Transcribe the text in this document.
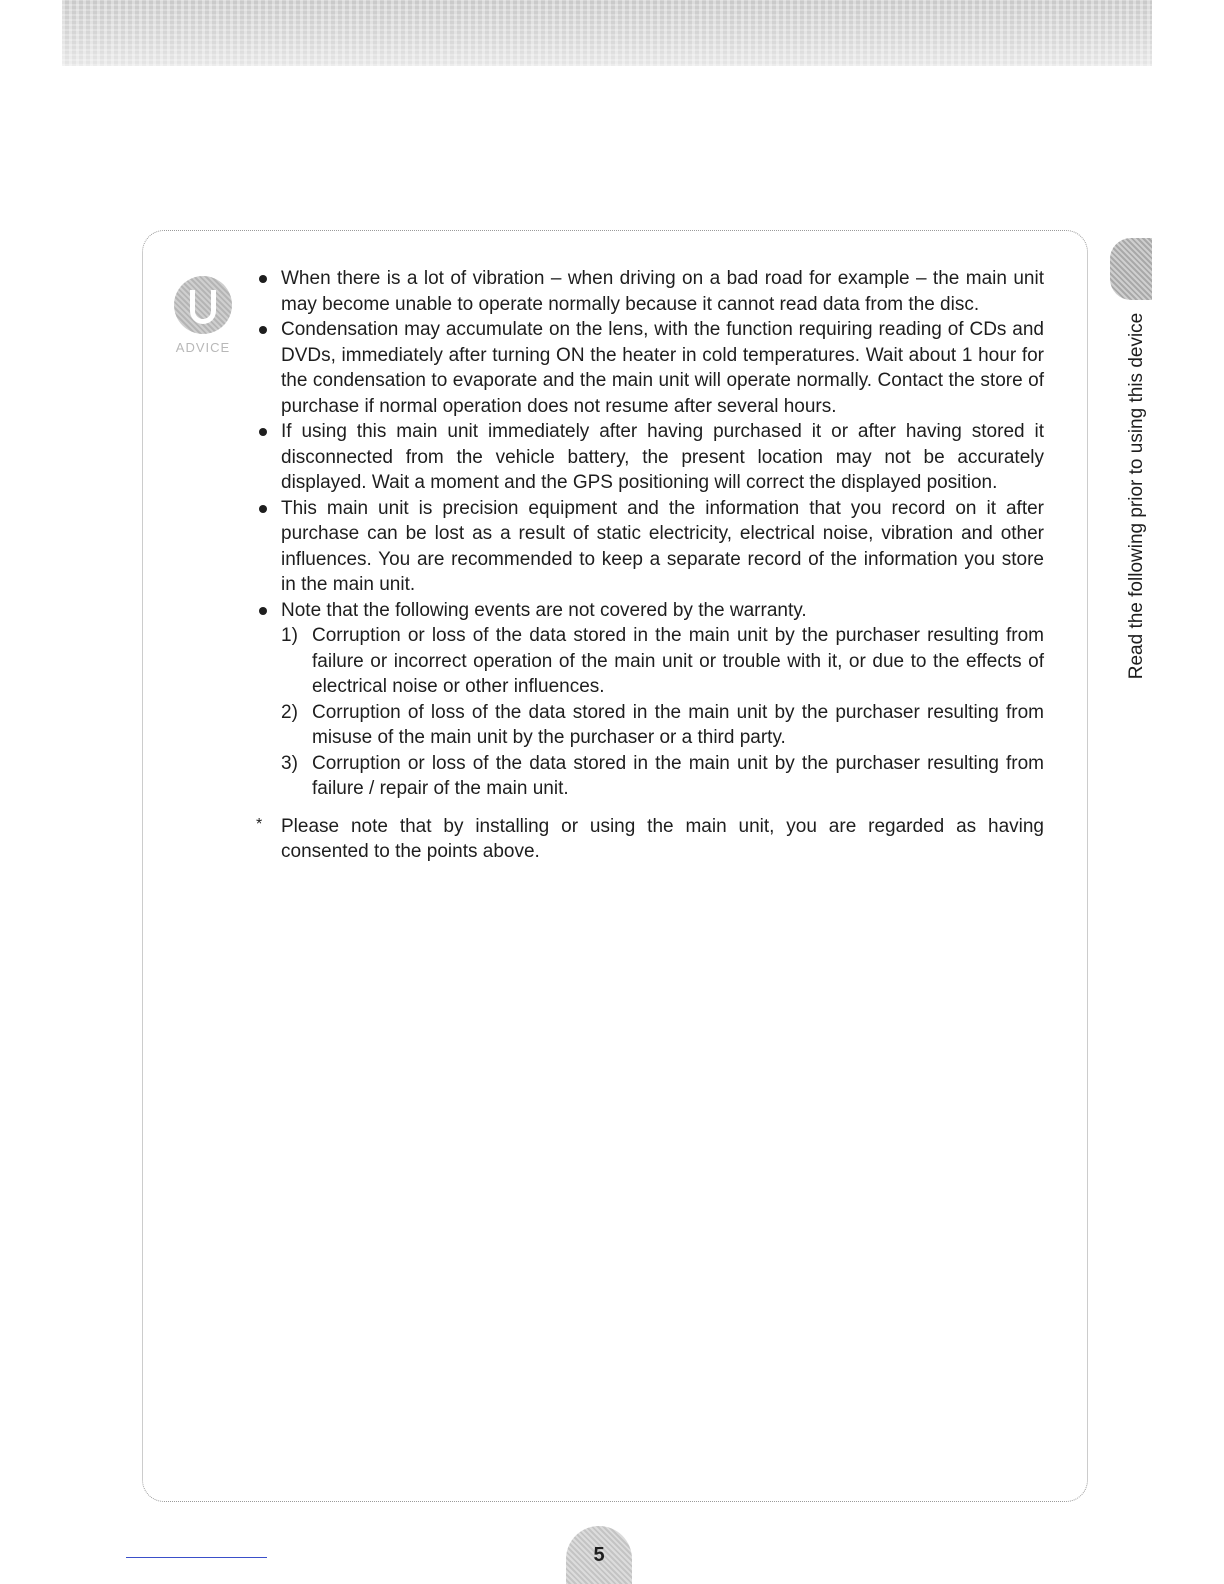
Read the following prior to using this device
ADVICE
When there is a lot of vibration – when driving on a bad road for example – the main unit may become unable to operate normally because it cannot read data from the disc.
Condensation may accumulate on the lens, with the function requiring reading of CDs and DVDs, immediately after turning ON the heater in cold temperatures. Wait about 1 hour for the condensation to evaporate and the main unit will operate normally. Contact the store of purchase if normal operation does not resume after several hours.
If using this main unit immediately after having purchased it or after having stored it disconnected from the vehicle battery, the present location may not be accurately displayed. Wait a moment and the GPS positioning will correct the displayed position.
This main unit is precision equipment and the information that you record on it after purchase can be lost as a result of static electricity, electrical noise, vibration and other influences. You are recommended to keep a separate record of the information you store in the main unit.
Note that the following events are not covered by the warranty.
1) Corruption or loss of the data stored in the main unit by the purchaser resulting from failure or incorrect operation of the main unit or trouble with it, or due to the effects of electrical noise or other influences.
2) Corruption of loss of the data stored in the main unit by the purchaser resulting from misuse of the main unit by the purchaser or a third party.
3) Corruption or loss of the data stored in the main unit by the purchaser resulting from failure / repair of the main unit.
* Please note that by installing or using the main unit, you are regarded as having consented to the points above.
5
